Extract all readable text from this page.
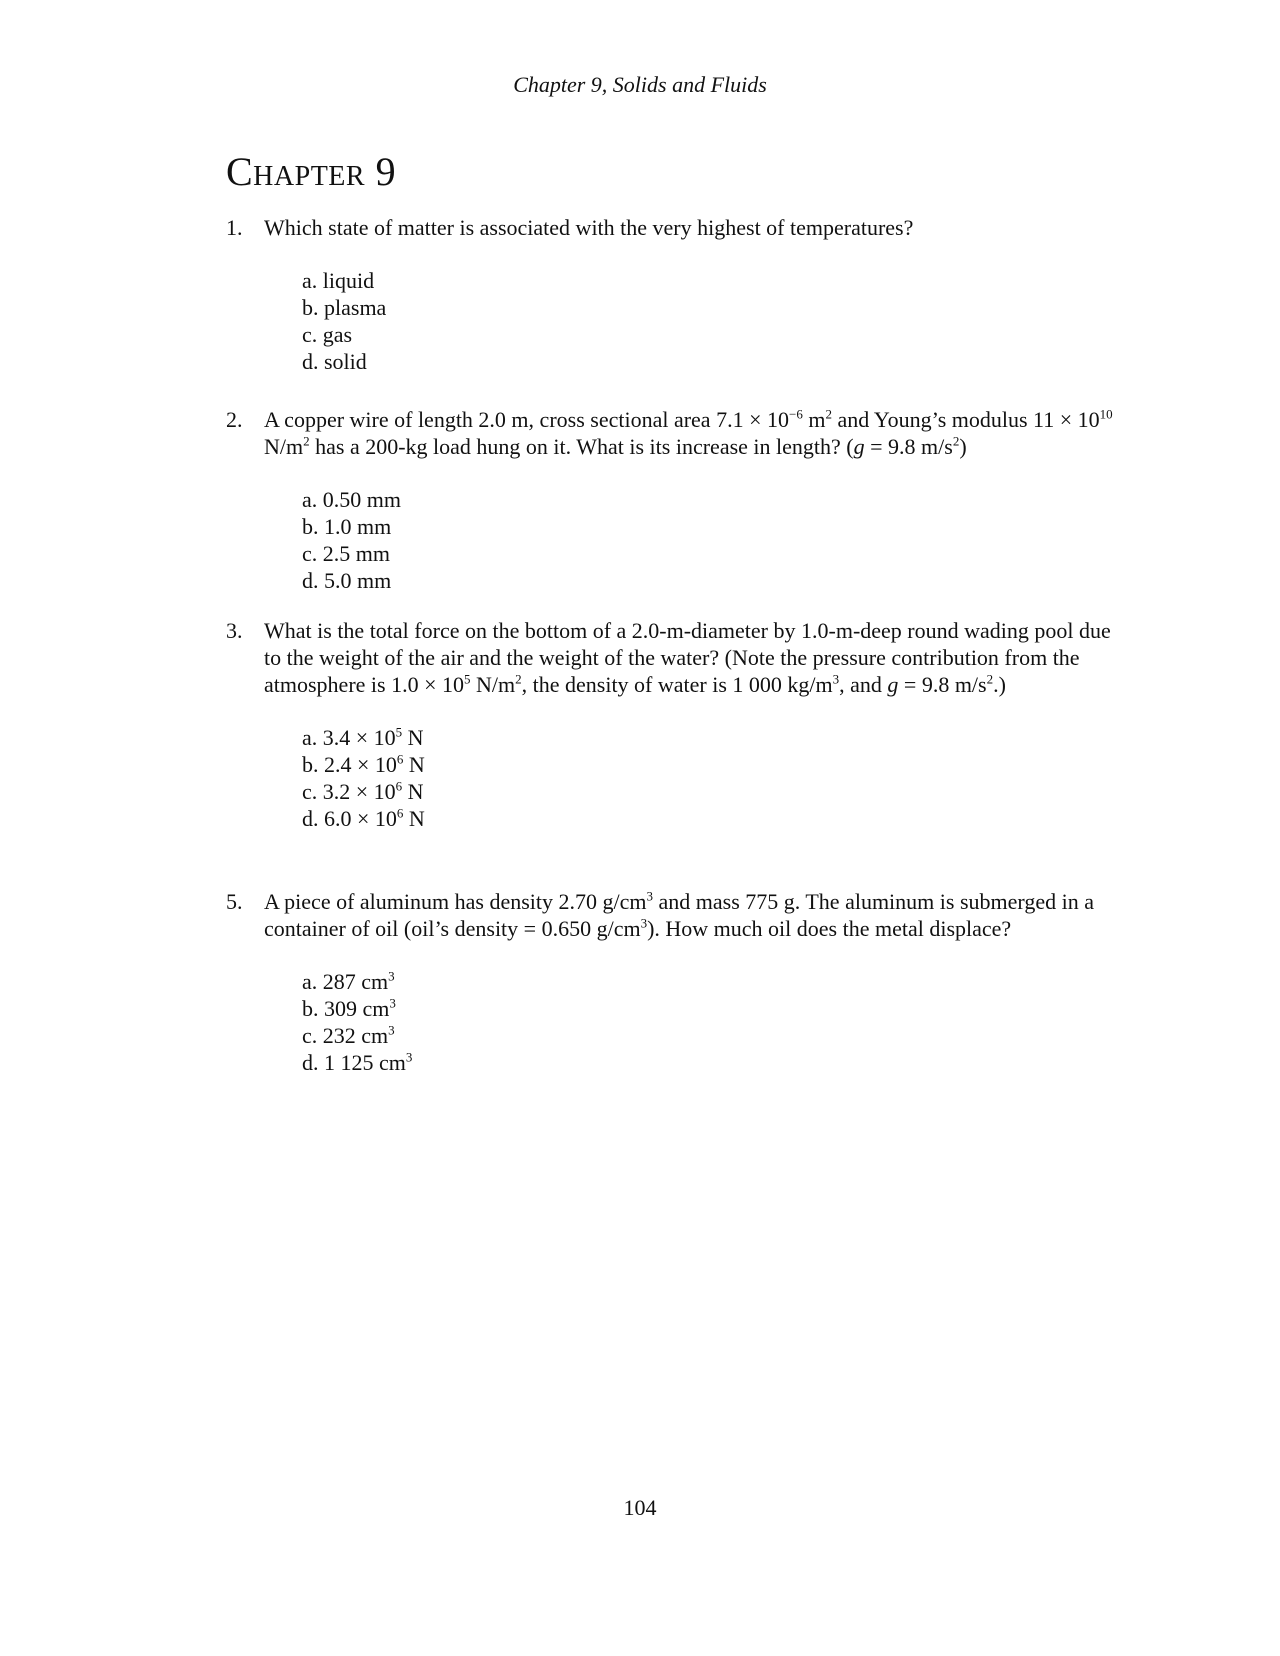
Chapter 9, Solids and Fluids
Chapter 9
1. Which state of matter is associated with the very highest of temperatures?
a. liquid
b. plasma
c. gas
d. solid
2. A copper wire of length 2.0 m, cross sectional area $7.1 \times 10^{-6}$ $m^2$ and Young’s modulus $11 \times 10^{10}$ $N/m^2$ has a 200-kg load hung on it. What is its increase in length? (g = 9.8 $m/s^2$)
a. 0.50 mm
b. 1.0 mm
c. 2.5 mm
d. 5.0 mm
3. What is the total force on the bottom of a 2.0-m-diameter by 1.0-m-deep round wading pool due to the weight of the air and the weight of the water? (Note the pressure contribution from the atmosphere is $1.0 \times 10^5$ $N/m^2$, the density of water is 1 000 $kg/m^3$, and g = 9.8 $m/s^2$.)
a. $3.4 \times 10^5$ N
b. $2.4 \times 10^6$ N
c. $3.2 \times 10^6$ N
d. $6.0 \times 10^6$ N
5. A piece of aluminum has density 2.70 $g/cm^3$ and mass 775 g. The aluminum is submerged in a container of oil (oil’s density = 0.650 $g/cm^3$). How much oil does the metal displace?
a. 287 $cm^3$
b. 309 $cm^3$
c. 232 $cm^3$
d. 1 125 $cm^3$
104
